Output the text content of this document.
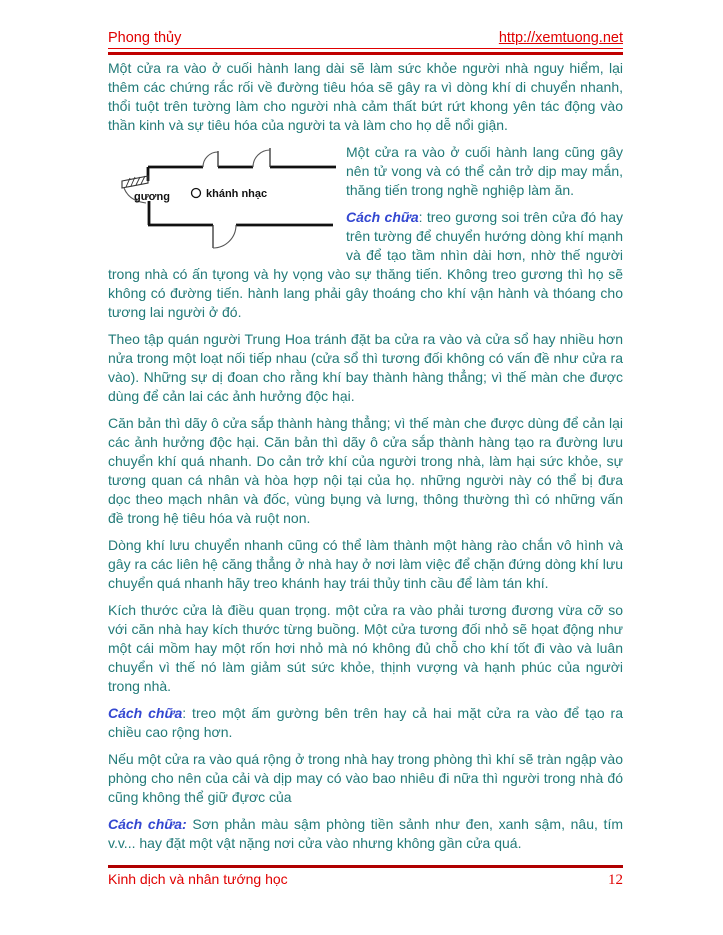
Phong thủy	http://xemtuong.net

Một cửa ra vào ở cuối hành lang dài sẽ làm sức khỏe người nhà nguy hiểm, lại thêm các chứng rắc rối về đường tiêu hóa sẽ gây ra vì dòng khí di chuyển nhanh, thổi tuột trên tường làm cho người nhà cảm thất bứt rứt khong yên tác động vào thần kinh và sự tiêu hóa của người ta và làm cho họ dễ nổi giận.

gương	khánh nhạc

Một cửa ra vào ở cuối hành lang cũng gây nên tử vong và có thể cản trở dịp may mắn, thăng tiến trong nghề nghiệp làm ăn.

Cách chữa: treo gương soi trên cửa đó hay trên tường để chuyển hướng dòng khí mạnh và để tạo tầm nhìn dài hơn, nhờ thế người trong nhà có ấn tựong và hy vọng vào sự thăng tiến. Không treo gương thì họ sẽ không có đường tiến. hành lang phải gây thoáng cho khí vận hành và thóang cho tương lai người ở đó.

Theo tập quán người Trung Hoa tránh đặt ba cửa ra vào và cửa sổ hay nhiều hơn nửa trong một loạt nối tiếp nhau (cửa sổ thì tương đối không có vấn đề như cửa ra vào). Những sự dị đoan cho rằng khí bay thành hàng thẳng; vì thế màn che được dùng để cản lai các ảnh hưởng độc hại.

Căn bản thì dãy ô cửa sắp thành hàng thẳng; vì thế màn che được dùng để cản lại các ảnh hưởng độc hại. Căn bản thì dãy ô cửa sắp thành hàng tạo ra đường lưu chuyển khí quá nhanh. Do cản trở khí của người trong nhà, làm hại sức khỏe, sự tương quan cá nhân và hòa hợp nội tại của họ. những người này có thể bị đưa dọc theo mạch nhân và đốc, vùng bụng và lưng, thông thường thì có những vấn đề trong hệ tiêu hóa và ruột non.

Dòng khí lưu chuyển nhanh cũng có thể làm thành một hàng rào chắn vô hình và gây ra các liên hệ căng thẳng ở nhà hay ở nơi làm việc để chặn đứng dòng khí lưu chuyển quá nhanh hãy treo khánh hay trái thủy tinh cầu để làm tán khí.

Kích thước cửa là điều quan trọng. một cửa ra vào phải tương đương vừa cỡ so với căn nhà hay kích thước từng buồng. Một cửa tương đối nhỏ sẽ họat động như một cái mồm hay một rốn hơi nhỏ mà nó không đủ chỗ cho khí tốt đi vào và luân chuyển vì thế nó làm giảm sút sức khỏe, thịnh vượng và hạnh phúc của người trong nhà.

Cách chữa: treo một ấm gường bên trên hay cả hai mặt cửa ra vào để tạo ra chiều cao rộng hơn.

Nếu một cửa ra vào quá rộng ở trong nhà hay trong phòng thì khí sẽ tràn ngập vào phòng cho nên của cải và dịp may có vào bao nhiêu đi nữa thì người trong nhà đó cũng không thể giữ đựơc của

Cách chữa: Sơn phản màu sậm phòng tiền sảnh như đen, xanh sậm, nâu, tím v.v... hay đặt một vật nặng nơi cửa vào nhưng không gần cửa quá.

Kinh dịch và nhân tướng học	12
